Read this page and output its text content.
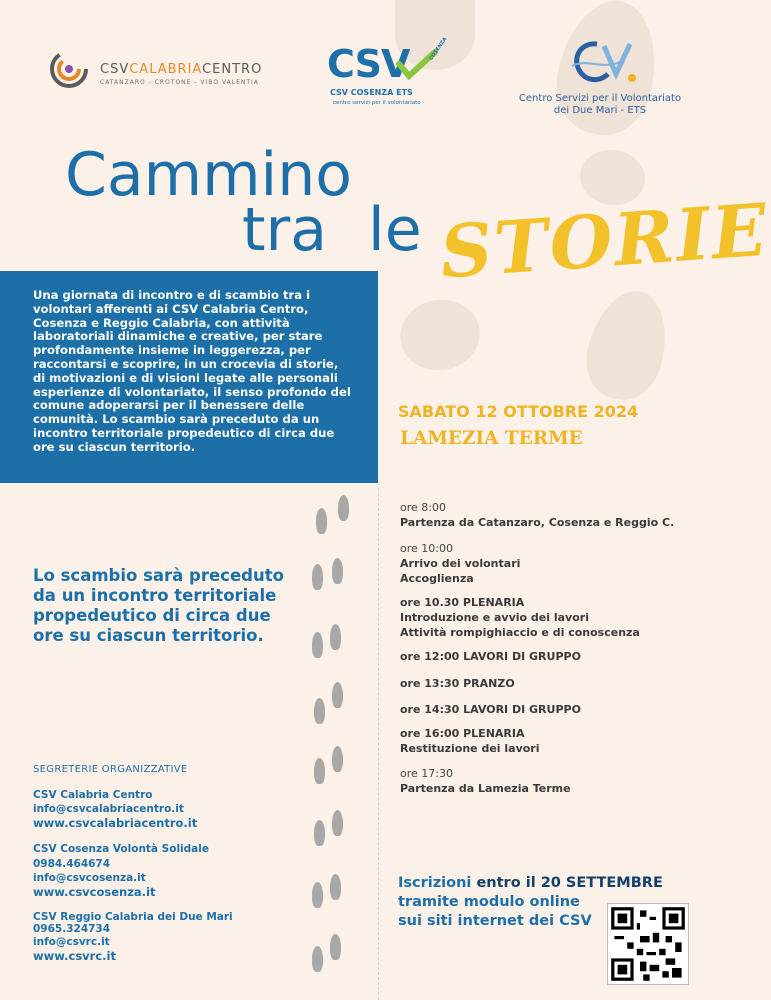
CSVCALABRIACENTRO
CATANZARO - CROTONE - VIBO VALENTIA CSV	COSENZA
CSV COSENZA ETS
centro servizi per il volontariato	Centro Servizi per il Volontariato
dei Due Mari - ETS
Cammino
tra le STORIE
Una giornata di incontro e di scambio tra i volontari afferenti ai CSV Calabria Centro, Cosenza e Reggio Calabria, con attività laboratoriali dinamiche e creative, per stare profondamente insieme in leggerezza, per raccontarsi e scoprire, in un crocevia di storie, di motivazioni e di visioni legate alle personali esperienze di volontariato, il senso profondo del comune adoperarsi per il benessere delle comunità. Lo scambio sarà preceduto da un incontro territoriale propedeutico di circa due ore su ciascun territorio.
SABATO 12 OTTOBRE 2024
LAMEZIA TERME
ore 8:00
Partenza da Catanzaro, Cosenza e Reggio C.
ore 10:00
Arrivo dei volontari
Accoglienza
ore 10.30 PLENARIA
Introduzione e avvio dei lavori
Attività rompighiaccio e di conoscenza
ore 12:00 LAVORI DI GRUPPO
ore 13:30 PRANZO
ore 14:30 LAVORI DI GRUPPO
ore 16:00 PLENARIA
Restituzione dei lavori
ore 17:30
Partenza da Lamezia Terme
Lo scambio sarà preceduto da un incontro territoriale propedeutico di circa due ore su ciascun territorio.
SEGRETERIE ORGANIZZATIVE
CSV Calabria Centro
info@csvcalabriacentro.it
www.csvcalabriacentro.it
CSV Cosenza Volontà Solidale
0984.464674
info@csvcosenza.it
www.csvcosenza.it
CSV Reggio Calabria dei Due Mari
0965.324734
info@csvrc.it
www.csvrc.it
Iscrizioni entro il 20 SETTEMBRE
tramite modulo online
sui siti internet dei CSV
